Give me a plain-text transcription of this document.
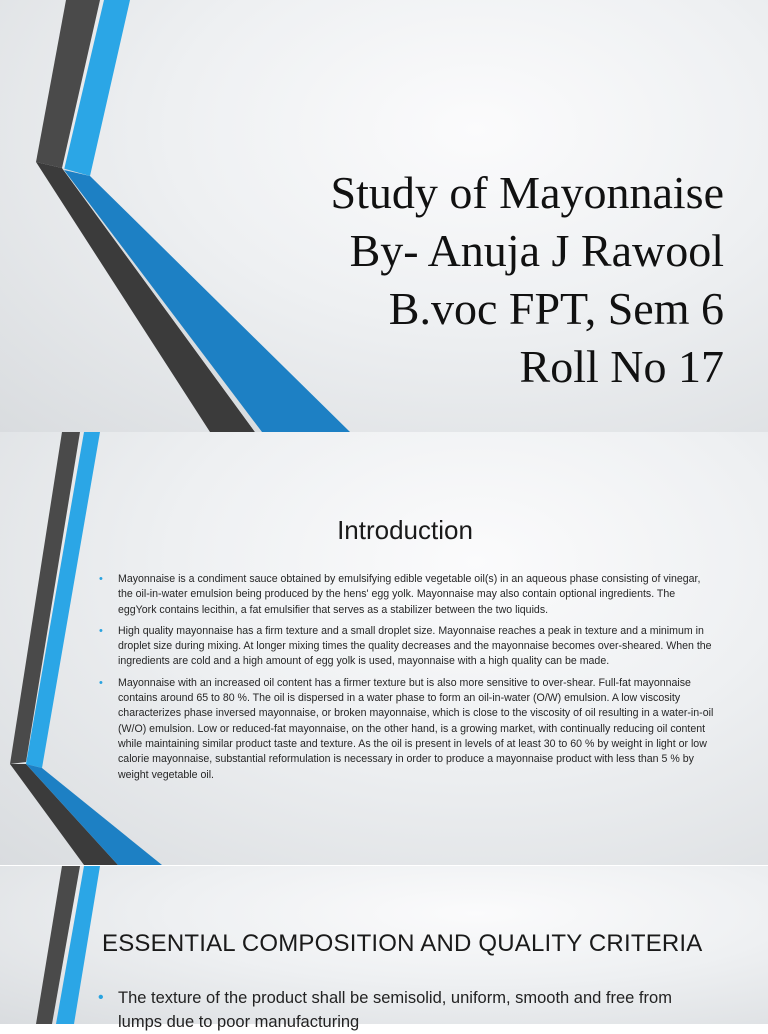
Study of Mayonnaise
By- Anuja J Rawool
B.voc FPT, Sem 6
Roll No 17
Introduction
• Mayonnaise is a condiment sauce obtained by emulsifying edible vegetable oil(s) in an aqueous phase consisting of vinegar, the oil-in-water emulsion being produced by the hens' egg yolk. Mayonnaise may also contain optional ingredients. The eggYork contains lecithin, a fat emulsifier that serves as a stabilizer between the two liquids.
• High quality mayonnaise has a firm texture and a small droplet size. Mayonnaise reaches a peak in texture and a minimum in droplet size during mixing. At longer mixing times the quality decreases and the mayonnaise becomes over-sheared. When the ingredients are cold and a high amount of egg yolk is used, mayonnaise with a high quality can be made.
• Mayonnaise with an increased oil content has a firmer texture but is also more sensitive to over-shear. Full-fat mayonnaise contains around 65 to 80 %. The oil is dispersed in a water phase to form an oil-in-water (O/W) emulsion. A low viscosity characterizes phase inversed mayonnaise, or broken mayonnaise, which is close to the viscosity of oil resulting in a water-in-oil (W/O) emulsion. Low or reduced-fat mayonnaise, on the other hand, is a growing market, with continually reducing oil content while maintaining similar product taste and texture. As the oil is present in levels of at least 30 to 60 % by weight in light or low calorie mayonnaise, substantial reformulation is necessary in order to produce a mayonnaise product with less than 5 % by weight vegetable oil.
ESSENTIAL COMPOSITION AND QUALITY CRITERIA
• The texture of the product shall be semisolid, uniform, smooth and free from lumps due to poor manufacturing
